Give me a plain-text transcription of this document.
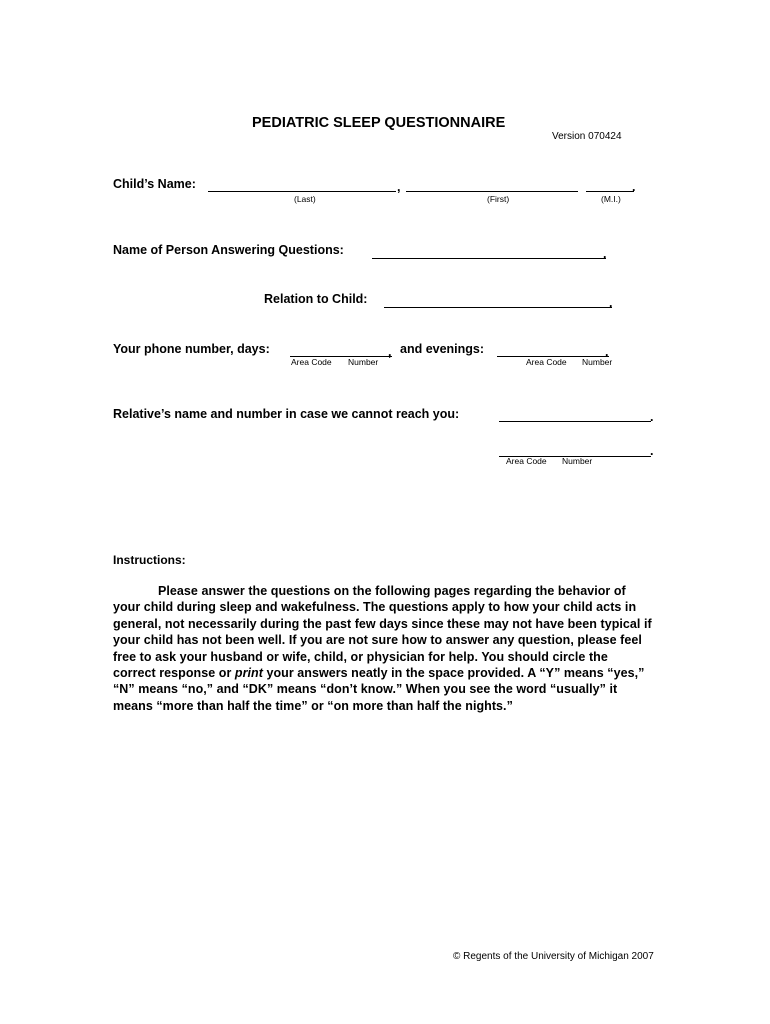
PEDIATRIC SLEEP QUESTIONNAIRE
Version 070424
Child’s Name:	,	.
(Last)	(First)	(M.I.)
Name of Person Answering Questions:	.
Relation to Child:	.
Your phone number, days:	, and evenings:	.
Area Code Number	Area Code Number
Relative’s name and number in case we cannot reach you:	.
.
Area Code Number
Instructions:
Please answer the questions on the following pages regarding the behavior of your child during sleep and wakefulness. The questions apply to how your child acts in general, not necessarily during the past few days since these may not have been typical if your child has not been well. If you are not sure how to answer any question, please feel free to ask your husband or wife, child, or physician for help. You should circle the correct response or print your answers neatly in the space provided. A “Y” means “yes,” “N” means “no,” and “DK” means “don’t know.” When you see the word “usually” it means “more than half the time” or “on more than half the nights.”
© Regents of the University of Michigan 2007
